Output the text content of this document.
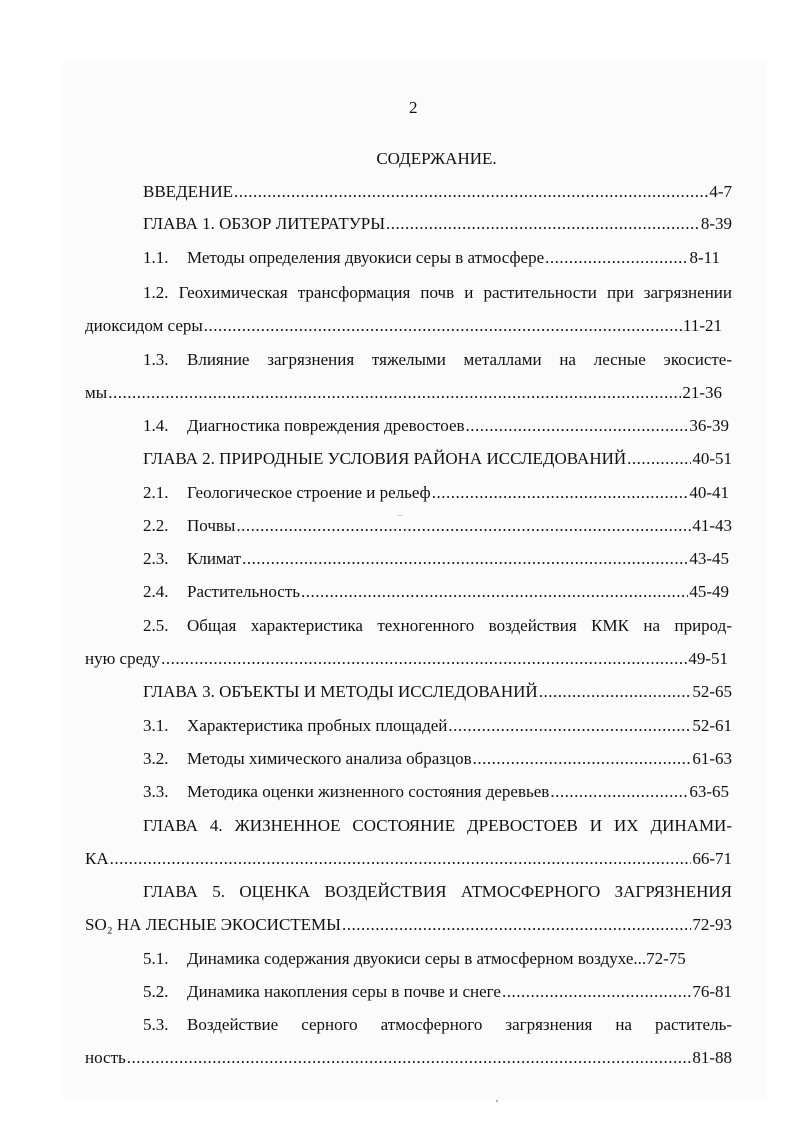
2
СОДЕРЖАНИЕ.
ВВЕДЕНИЕ .....	4-7
ГЛАВА 1. ОБЗОР ЛИТЕРАТУРЫ .....	8-39
1.1. Методы определения двуокиси серы в атмосфере .....	8-11
1.2. Геохимическая трансформация почв и растительности при загрязнении
диоксидом серы .....	11-21
1.3. Влияние загрязнения тяжелыми металлами на лесные экосисте-
мы .....	21-36
1.4. Диагностика повреждения древостоев .....	36-39
ГЛАВА 2. ПРИРОДНЫЕ УСЛОВИЯ РАЙОНА ИССЛЕДОВАНИЙ .....	40-51
2.1. Геологическое строение и рельеф .....	40-41
2.2. Почвы .....	41-43
2.3. Климат .....	43-45
2.4. Растительность .....	45-49
2.5. Общая характеристика техногенного воздействия КМК на природ-
ную среду .....	49-51
ГЛАВА 3. ОБЪЕКТЫ И МЕТОДЫ ИССЛЕДОВАНИЙ .....	52-65
3.1. Характеристика пробных площадей .....	52-61
3.2. Методы химического анализа образцов .....	61-63
3.3. Методика оценки жизненного состояния деревьев .....	63-65
ГЛАВА 4. ЖИЗНЕННОЕ СОСТОЯНИЕ ДРЕВОСТОЕВ И ИХ ДИНАМИ-
КА .....	66-71
ГЛАВА 5. ОЦЕНКА ВОЗДЕЙСТВИЯ АТМОСФЕРНОГО ЗАГРЯЗНЕНИЯ
SO₂ НА ЛЕСНЫЕ ЭКОСИСТЕМЫ .....	72-93
5.1. Динамика содержания двуокиси серы в атмосферном воздухе...72-75
5.2. Динамика накопления серы в почве и снеге .....	76-81
5.3. Воздействие серного атмосферного загрязнения на раститель-
ность .....	81-88
